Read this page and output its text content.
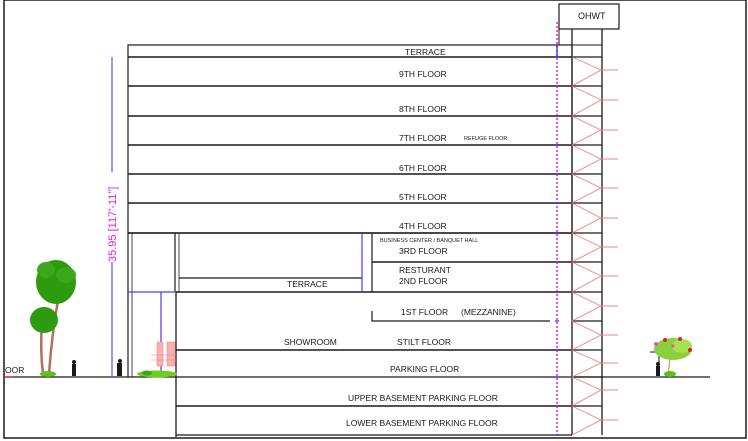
35.95 [117'-11"]
TERRACE
9TH FLOOR
8TH FLOOR
7TH FLOOR	REFUGE FLOOR
6TH FLOOR
5TH FLOOR
4TH FLOOR
BUSINESS CENTER / BANQUET HALL
3RD FLOOR
RESTURANT
2ND FLOOR
1ST FLOOR (MEZZANINE)
STILT FLOOR
PARKING FLOOR
UPPER BASEMENT PARKING FLOOR
LOWER BASEMENT PARKING FLOOR
TERRACE
SHOWROOM
OOR
OHWT
